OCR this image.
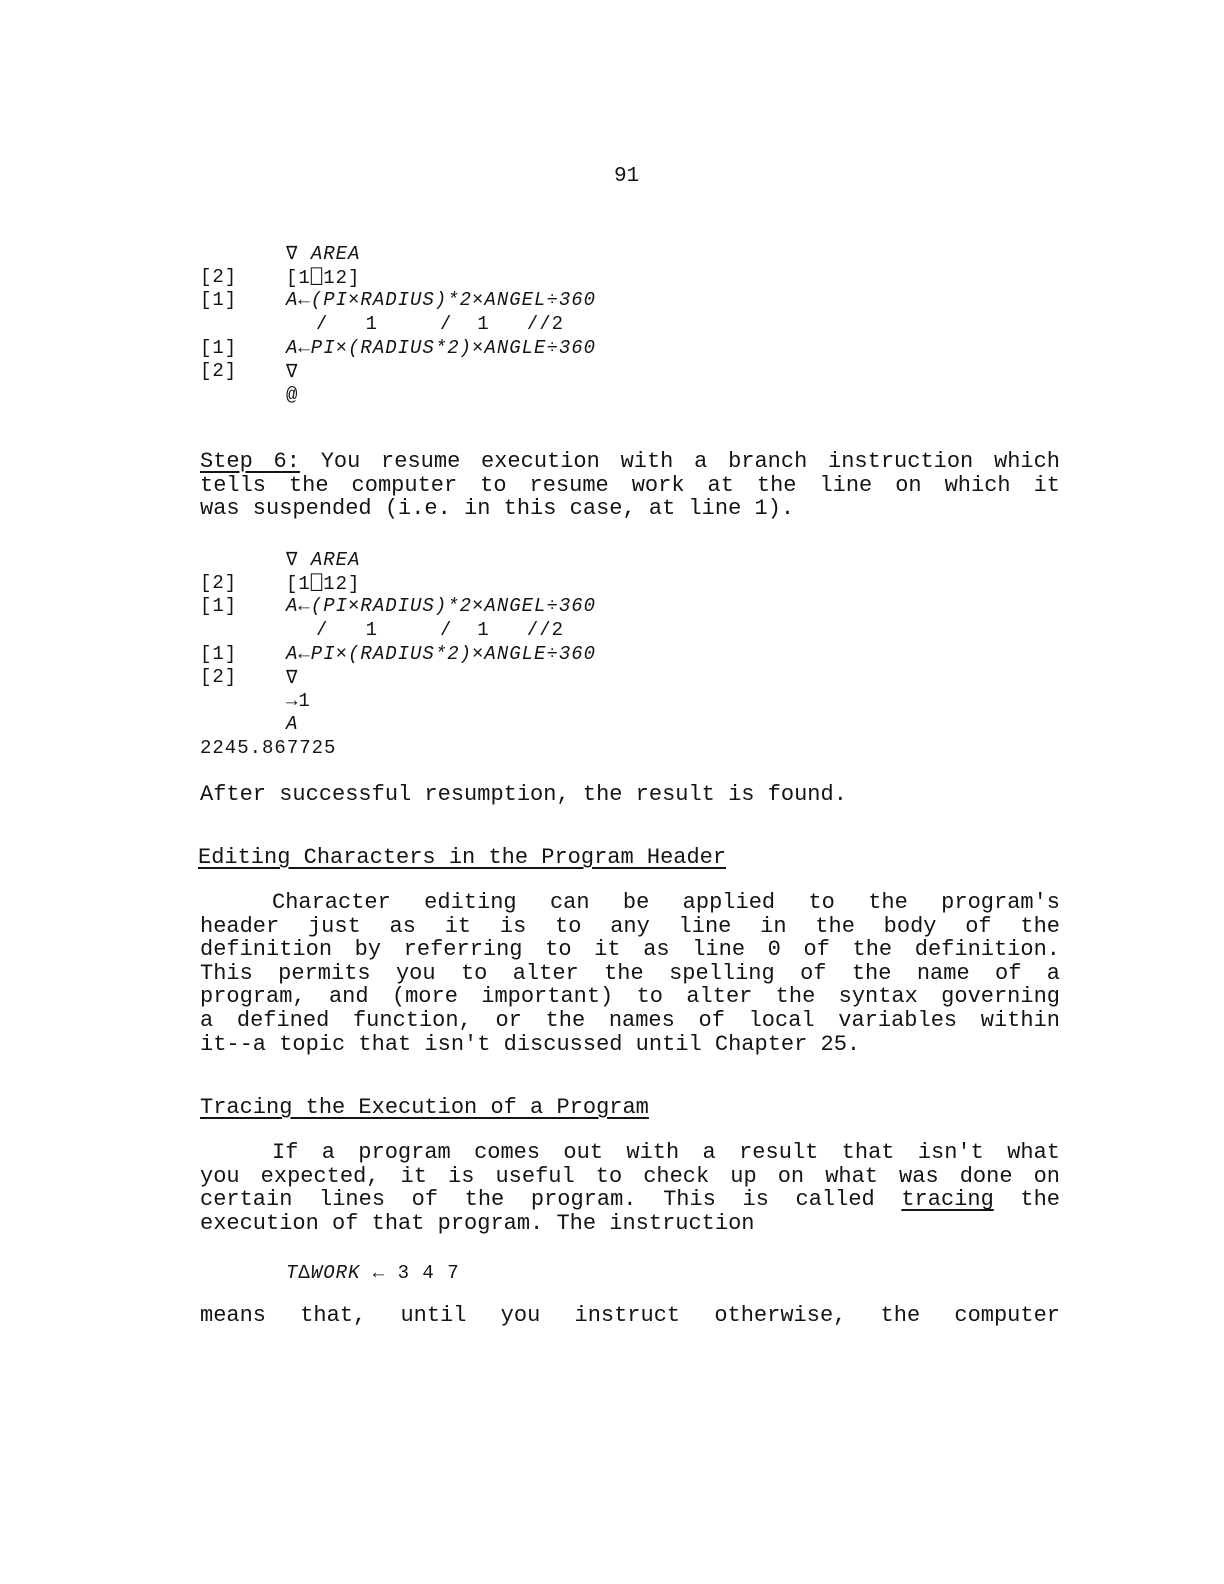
91
∇ AREA
[2]	[1⎕12]
[1]	A←(PI×RADIUS)*2×ANGEL÷360
/   1     /  1   //2
[1]	A←PI×(RADIUS*2)×ANGLE÷360
[2]	∇
@
Step 6: You resume execution with a branch instruction which
tells the computer to resume work at the line on which it
was suspended (i.e. in this case, at line 1).
∇ AREA
[2]	[1⎕12]
[1]	A←(PI×RADIUS)*2×ANGEL÷360
/   1     /  1   //2
[1]	A←PI×(RADIUS*2)×ANGLE÷360
[2]	∇
→1
A
2245.867725
After successful resumption, the result is found.
Editing Characters in the Program Header
Character editing can be applied to the program's
header just as it is to any line in the body of the
definition by referring to it as line 0 of the definition.
This permits you to alter the spelling of the name of a
program, and (more important) to alter the syntax governing
a defined function, or the names of local variables within
it--a topic that isn't discussed until Chapter 25.
Tracing the Execution of a Program
If a program comes out with a result that isn't what
you expected, it is useful to check up on what was done on
certain lines of the program. This is called tracing the
execution of that program. The instruction
T∆WORK ← 3 4 7
means that, until you instruct otherwise, the computer
